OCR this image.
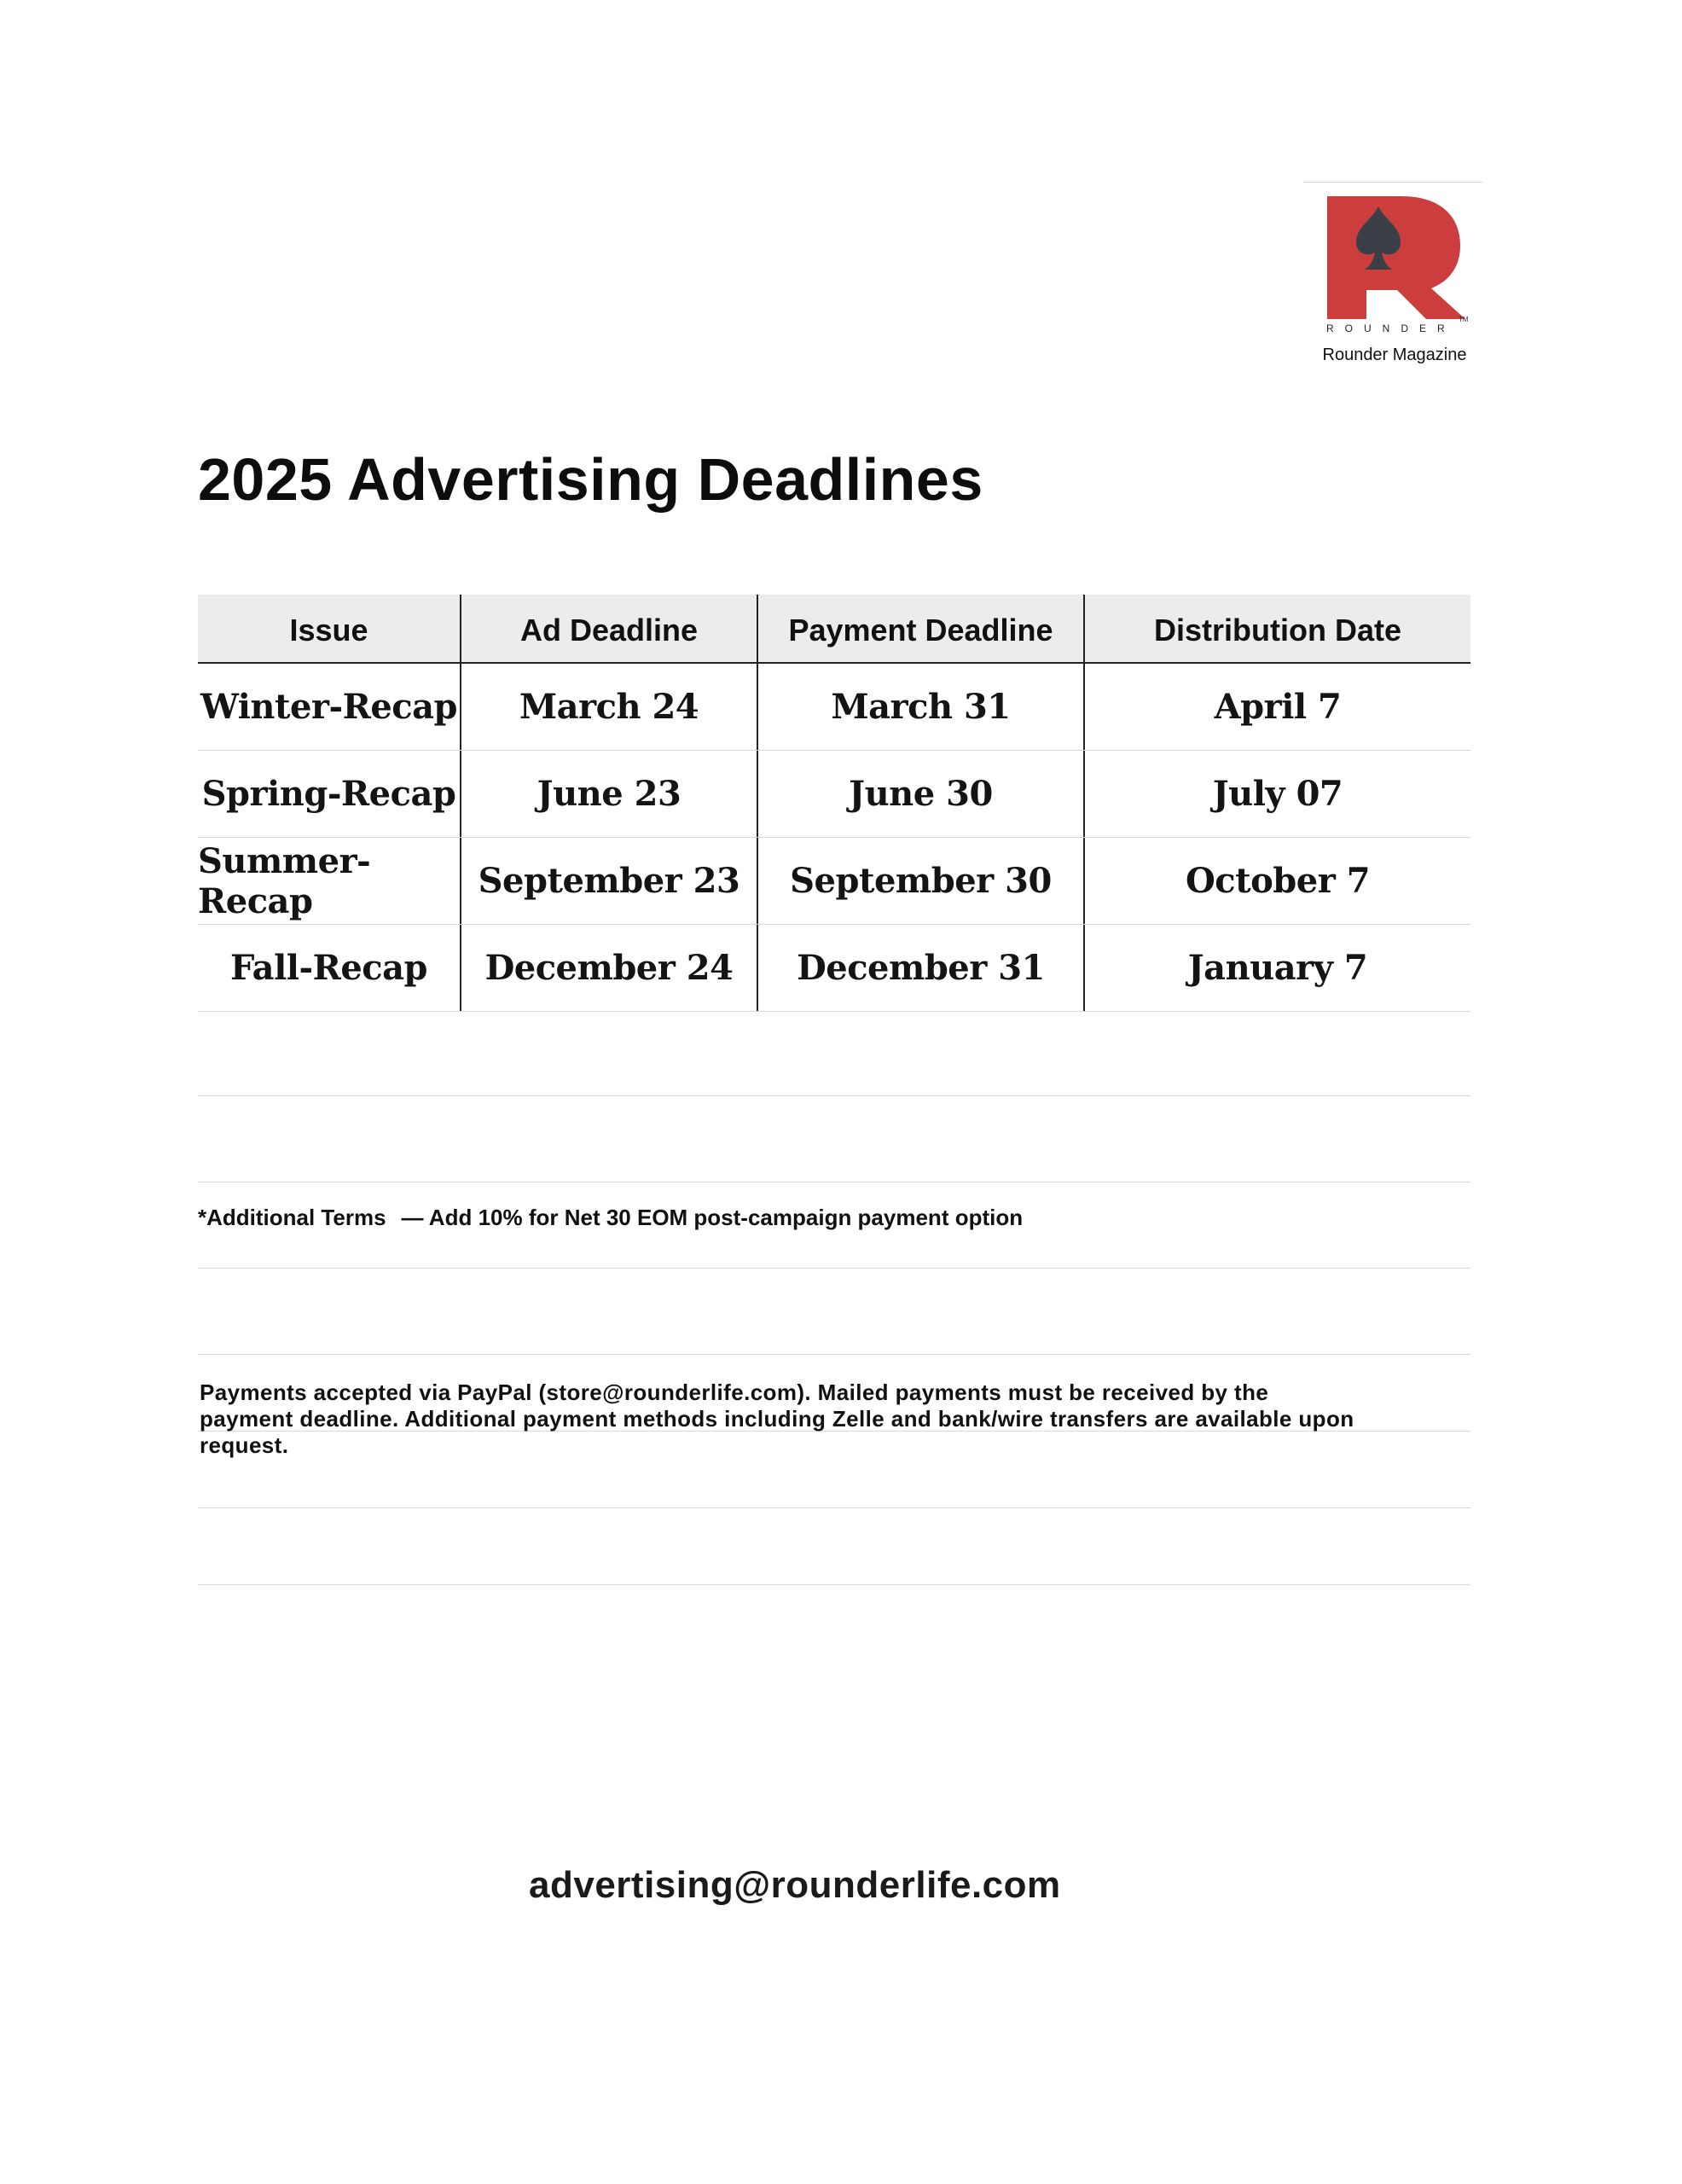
ROUNDER
TM
Rounder Magazine
2025 Advertising Deadlines
Issue	Ad Deadline	Payment Deadline	Distribution Date
Winter-Recap	March 24	March 31	April 7
Spring-Recap	June 23	June 30	July 07
Summer-Recap	September 23	September 30	October 7
Fall-Recap	December 24	December 31	January 7

*Additional Terms — Add 10% for Net 30 EOM post-campaign payment option

Payments accepted via PayPal (store@rounderlife.com). Mailed payments must be received by the payment deadline. Additional payment methods including Zelle and bank/wire transfers are available upon request.

advertising@rounderlife.com
